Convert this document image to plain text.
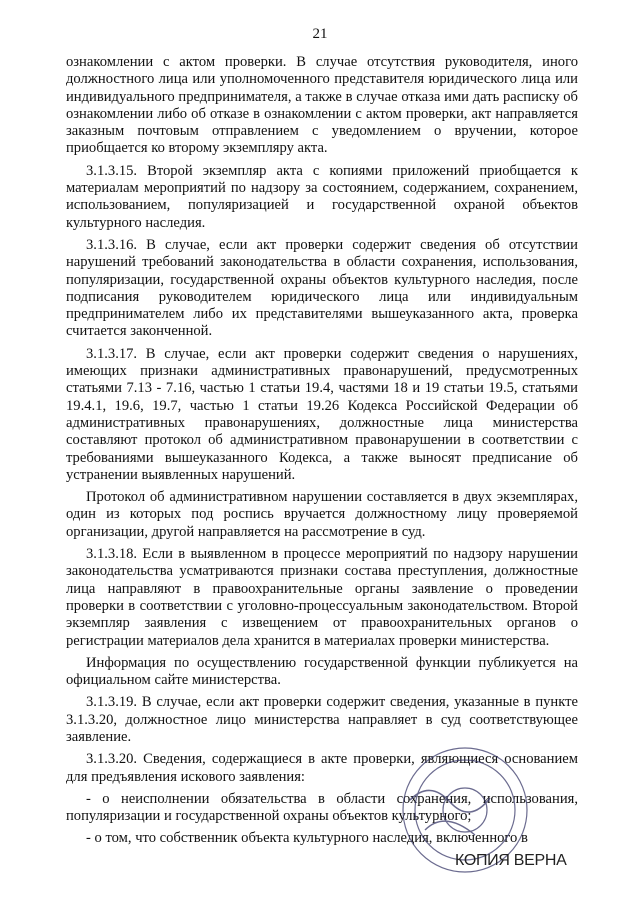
21

ознакомлении с актом проверки. В случае отсутствия руководителя, иного должностного лица или уполномоченного представителя юридического лица или индивидуального предпринимателя, а также в случае отказа ими дать расписку об ознакомлении либо об отказе в ознакомлении с актом проверки, акт направляется заказным почтовым отправлением с уведомлением о вручении, которое приобщается ко второму экземпляру акта.

3.1.3.15. Второй экземпляр акта с копиями приложений приобщается к материалам мероприятий по надзору за состоянием, содержанием, сохранением, использованием, популяризацией и государственной охраной объектов культурного наследия.

3.1.3.16. В случае, если акт проверки содержит сведения об отсутствии нарушений требований законодательства в области сохранения, использования, популяризации, государственной охраны объектов культурного наследия, после подписания руководителем юридического лица или индивидуальным предпринимателем либо их представителями вышеуказанного акта, проверка считается законченной.

3.1.3.17. В случае, если акт проверки содержит сведения о нарушениях, имеющих признаки административных правонарушений, предусмотренных статьями 7.13 - 7.16, частью 1 статьи 19.4, частями 18 и 19 статьи 19.5, статьями 19.4.1, 19.6, 19.7, частью 1 статьи 19.26 Кодекса Российской Федерации об административных правонарушениях, должностные лица министерства составляют протокол об административном правонарушении в соответствии с требованиями вышеуказанного Кодекса, а также выносят предписание об устранении выявленных нарушений.

Протокол об административном нарушении составляется в двух экземплярах, один из которых под роспись вручается должностному лицу проверяемой организации, другой направляется на рассмотрение в суд.

3.1.3.18. Если в выявленном в процессе мероприятий по надзору нарушении законодательства усматриваются признаки состава преступления, должностные лица направляют в правоохранительные органы заявление о проведении проверки в соответствии с уголовно-процессуальным законодательством. Второй экземпляр заявления с извещением от правоохранительных органов о регистрации материалов дела хранится в материалах проверки министерства.

Информация по осуществлению государственной функции публикуется на официальном сайте министерства.

3.1.3.19. В случае, если акт проверки содержит сведения, указанные в пункте 3.1.3.20, должностное лицо министерства направляет в суд соответствующее заявление.

3.1.3.20. Сведения, содержащиеся в акте проверки, являющиеся основанием для предъявления искового заявления:

- о неисполнении обязательства в области сохранения, использования, популяризации и государственной охраны объектов культурного;

- о том, что собственник объекта культурного наследия, включенного в

КОПИЯ ВЕРНА
